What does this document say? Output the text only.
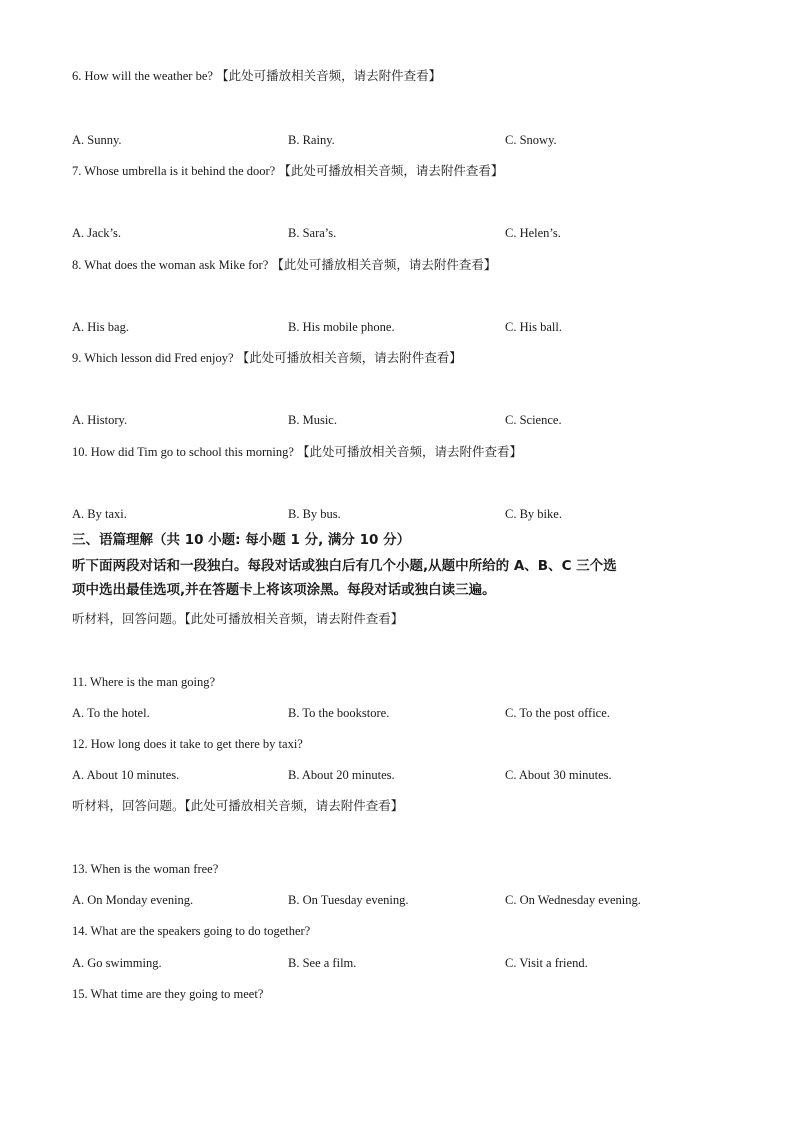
6. How will the weather be? 【此处可播放相关音频，请去附件查看】
A. Sunny.	B. Rainy.	C. Snowy.
7. Whose umbrella is it behind the door? 【此处可播放相关音频，请去附件查看】
A. Jack’s.	B. Sara’s.	C. Helen’s.
8. What does the woman ask Mike for? 【此处可播放相关音频，请去附件查看】
A. His bag.	B. His mobile phone.	C. His ball.
9. Which lesson did Fred enjoy? 【此处可播放相关音频，请去附件查看】
A. History.	B. Music.	C. Science.
10. How did Tim go to school this morning? 【此处可播放相关音频，请去附件查看】
A. By taxi.	B. By bus.	C. By bike.
三、语篇理解（共 10 小题: 每小题 1 分, 满分 10 分）
听下面两段对话和一段独白。每段对话或独白后有几个小题,从题中所给的 A、B、C 三个选
项中选出最佳选项,并在答题卡上将该项涂黑。每段对话或独白读三遍。
听材料，回答问题。【此处可播放相关音频，请去附件查看】
11. Where is the man going?
A. To the hotel.	B. To the bookstore.	C. To the post office.
12. How long does it take to get there by taxi?
A. About 10 minutes.	B. About 20 minutes.	C. About 30 minutes.
听材料，回答问题。【此处可播放相关音频，请去附件查看】
13. When is the woman free?
A. On Monday evening.	B. On Tuesday evening.	C. On Wednesday evening.
14. What are the speakers going to do together?
A. Go swimming.	B. See a film.	C. Visit a friend.
15. What time are they going to meet?
